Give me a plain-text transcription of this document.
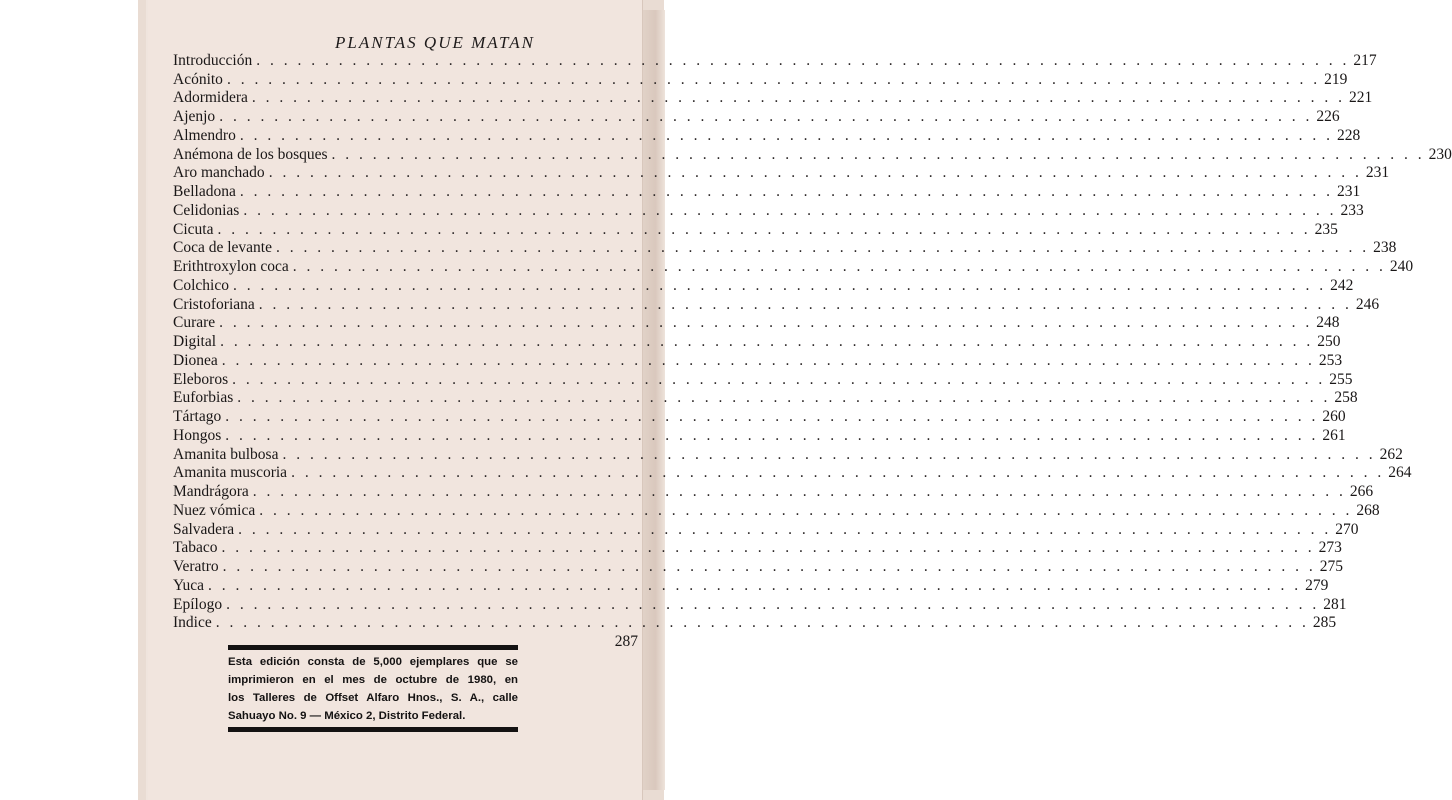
PLANTAS QUE MATAN
Introducción . . . . . . . . . . . . . . . . . . . . . . . . . . . . . . . . . . . . . . . . . . . . . . . . . . . . . . . . . . . . . . . . . . . . . . . . . . . . . . . . 217
Acónito . . . . . . . . . . . . . . . . . . . . . . . . . . . . . . . . . . . . . . . . . . . . . . . . . . . . . . . . . . . . . . . . . . . . . . . . . . . . . . . . 219
Adormidera . . . . . . . . . . . . . . . . . . . . . . . . . . . . . . . . . . . . . . . . . . . . . . . . . . . . . . . . . . . . . . . . . . . . . . . . . . . . . . . . 221
Ajenjo . . . . . . . . . . . . . . . . . . . . . . . . . . . . . . . . . . . . . . . . . . . . . . . . . . . . . . . . . . . . . . . . . . . . . . . . . . . . . . . . 226
Almendro . . . . . . . . . . . . . . . . . . . . . . . . . . . . . . . . . . . . . . . . . . . . . . . . . . . . . . . . . . . . . . . . . . . . . . . . . . . . . . . . 228
Anémona de los bosques . . . . . . . . . . . . . . . . . . . . . . . . . . . . . . . . . . . . . . . . . . . . . . . . . . . . . . . . . . . . . . . . . . . . . . . . . . . . . . . . 230
Aro manchado . . . . . . . . . . . . . . . . . . . . . . . . . . . . . . . . . . . . . . . . . . . . . . . . . . . . . . . . . . . . . . . . . . . . . . . . . . . . . . . . 231
Belladona . . . . . . . . . . . . . . . . . . . . . . . . . . . . . . . . . . . . . . . . . . . . . . . . . . . . . . . . . . . . . . . . . . . . . . . . . . . . . . . . 231
Celidonias . . . . . . . . . . . . . . . . . . . . . . . . . . . . . . . . . . . . . . . . . . . . . . . . . . . . . . . . . . . . . . . . . . . . . . . . . . . . . . . . 233
Cicuta . . . . . . . . . . . . . . . . . . . . . . . . . . . . . . . . . . . . . . . . . . . . . . . . . . . . . . . . . . . . . . . . . . . . . . . . . . . . . . . . 235
Coca de levante . . . . . . . . . . . . . . . . . . . . . . . . . . . . . . . . . . . . . . . . . . . . . . . . . . . . . . . . . . . . . . . . . . . . . . . . . . . . . . . . 238
Erithtroxylon coca . . . . . . . . . . . . . . . . . . . . . . . . . . . . . . . . . . . . . . . . . . . . . . . . . . . . . . . . . . . . . . . . . . . . . . . . . . . . . . . . 240
Colchico . . . . . . . . . . . . . . . . . . . . . . . . . . . . . . . . . . . . . . . . . . . . . . . . . . . . . . . . . . . . . . . . . . . . . . . . . . . . . . . . 242
Cristoforiana . . . . . . . . . . . . . . . . . . . . . . . . . . . . . . . . . . . . . . . . . . . . . . . . . . . . . . . . . . . . . . . . . . . . . . . . . . . . . . . . 246
Curare . . . . . . . . . . . . . . . . . . . . . . . . . . . . . . . . . . . . . . . . . . . . . . . . . . . . . . . . . . . . . . . . . . . . . . . . . . . . . . . . 248
Digital . . . . . . . . . . . . . . . . . . . . . . . . . . . . . . . . . . . . . . . . . . . . . . . . . . . . . . . . . . . . . . . . . . . . . . . . . . . . . . . . 250
Dionea . . . . . . . . . . . . . . . . . . . . . . . . . . . . . . . . . . . . . . . . . . . . . . . . . . . . . . . . . . . . . . . . . . . . . . . . . . . . . . . . 253
Eleboros . . . . . . . . . . . . . . . . . . . . . . . . . . . . . . . . . . . . . . . . . . . . . . . . . . . . . . . . . . . . . . . . . . . . . . . . . . . . . . . . 255
Euforbias . . . . . . . . . . . . . . . . . . . . . . . . . . . . . . . . . . . . . . . . . . . . . . . . . . . . . . . . . . . . . . . . . . . . . . . . . . . . . . . . 258
Tártago . . . . . . . . . . . . . . . . . . . . . . . . . . . . . . . . . . . . . . . . . . . . . . . . . . . . . . . . . . . . . . . . . . . . . . . . . . . . . . . . 260
Hongos . . . . . . . . . . . . . . . . . . . . . . . . . . . . . . . . . . . . . . . . . . . . . . . . . . . . . . . . . . . . . . . . . . . . . . . . . . . . . . . . 261
Amanita bulbosa . . . . . . . . . . . . . . . . . . . . . . . . . . . . . . . . . . . . . . . . . . . . . . . . . . . . . . . . . . . . . . . . . . . . . . . . . . . . . . . . 262
Amanita muscoria . . . . . . . . . . . . . . . . . . . . . . . . . . . . . . . . . . . . . . . . . . . . . . . . . . . . . . . . . . . . . . . . . . . . . . . . . . . . . . . . 264
Mandrágora . . . . . . . . . . . . . . . . . . . . . . . . . . . . . . . . . . . . . . . . . . . . . . . . . . . . . . . . . . . . . . . . . . . . . . . . . . . . . . . . 266
Nuez vómica . . . . . . . . . . . . . . . . . . . . . . . . . . . . . . . . . . . . . . . . . . . . . . . . . . . . . . . . . . . . . . . . . . . . . . . . . . . . . . . . 268
Salvadera . . . . . . . . . . . . . . . . . . . . . . . . . . . . . . . . . . . . . . . . . . . . . . . . . . . . . . . . . . . . . . . . . . . . . . . . . . . . . . . . 270
Tabaco . . . . . . . . . . . . . . . . . . . . . . . . . . . . . . . . . . . . . . . . . . . . . . . . . . . . . . . . . . . . . . . . . . . . . . . . . . . . . . . . 273
Veratro . . . . . . . . . . . . . . . . . . . . . . . . . . . . . . . . . . . . . . . . . . . . . . . . . . . . . . . . . . . . . . . . . . . . . . . . . . . . . . . . 275
Yuca . . . . . . . . . . . . . . . . . . . . . . . . . . . . . . . . . . . . . . . . . . . . . . . . . . . . . . . . . . . . . . . . . . . . . . . . . . . . . . . . 279
Epílogo . . . . . . . . . . . . . . . . . . . . . . . . . . . . . . . . . . . . . . . . . . . . . . . . . . . . . . . . . . . . . . . . . . . . . . . . . . . . . . . . 281
Indice . . . . . . . . . . . . . . . . . . . . . . . . . . . . . . . . . . . . . . . . . . . . . . . . . . . . . . . . . . . . . . . . . . . . . . . . . . . . . . . . 285
287
Esta edición consta de 5,000 ejemplares que se
imprimieron en el mes de octubre de 1980, en
los Talleres de Offset Alfaro Hnos., S. A., calle
Sahuayo No. 9 — México 2, Distrito Federal.
